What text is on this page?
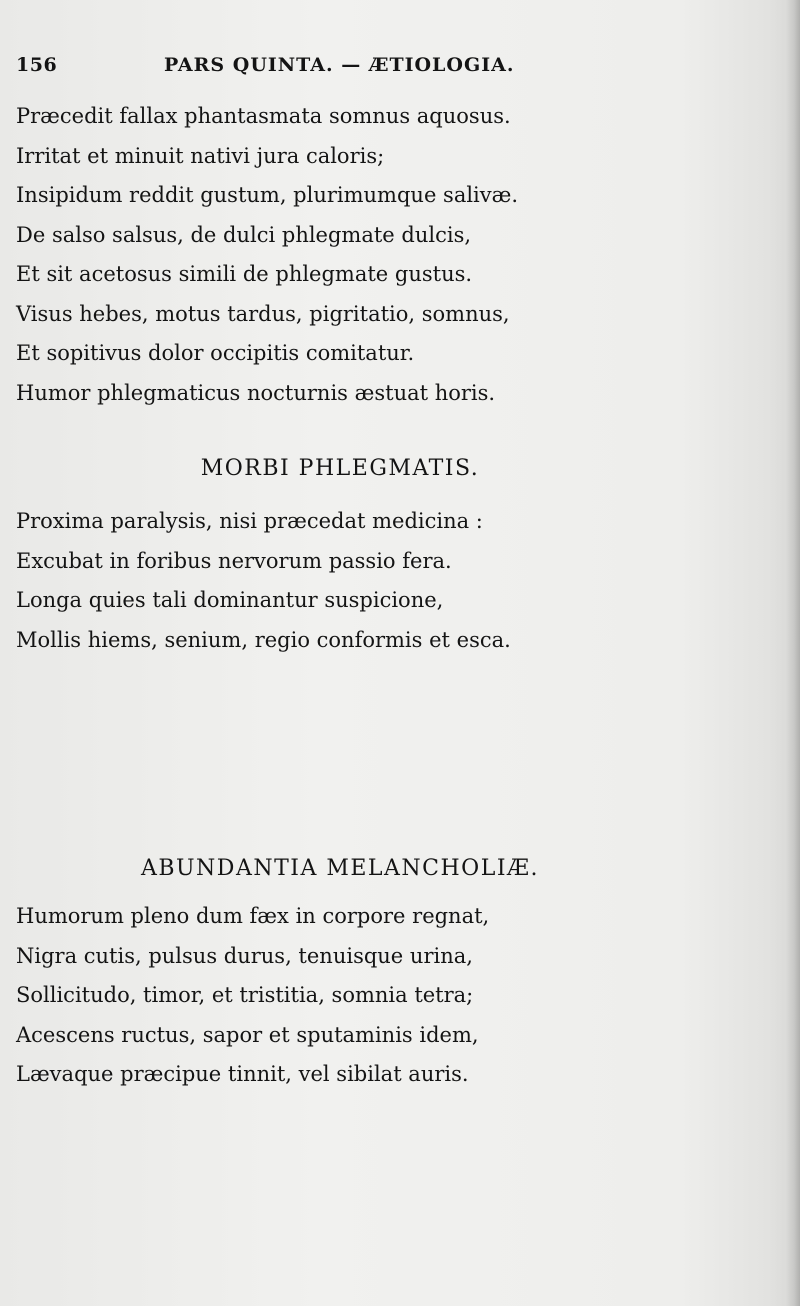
156	PARS QUINTA. — ÆTIOLOGIA.
Præcedit fallax phantasmata somnus aquosus.
Irritat et minuit nativi jura caloris;
Insipidum reddit gustum, plurimumque salivæ.
De salso salsus, de dulci phlegmate dulcis,
Et sit acetosus simili de phlegmate gustus.
Visus hebes, motus tardus, pigritatio, somnus,
Et sopitivus dolor occipitis comitatur.
Humor phlegmaticus nocturnis æstuat horis.
MORBI PHLEGMATIS.
Proxima paralysis, nisi præcedat medicina :
Excubat in foribus nervorum passio fera.
Longa quies tali dominantur suspicione,
Mollis hiems, senium, regio conformis et esca.
ABUNDANTIA MELANCHOLIÆ.
Humorum pleno dum fæx in corpore regnat,
Nigra cutis, pulsus durus, tenuisque urina,
Sollicitudo, timor, et tristitia, somnia tetra;
Acescens ructus, sapor et sputaminis idem,
Lævaque præcipue tinnit, vel sibilat auris.
